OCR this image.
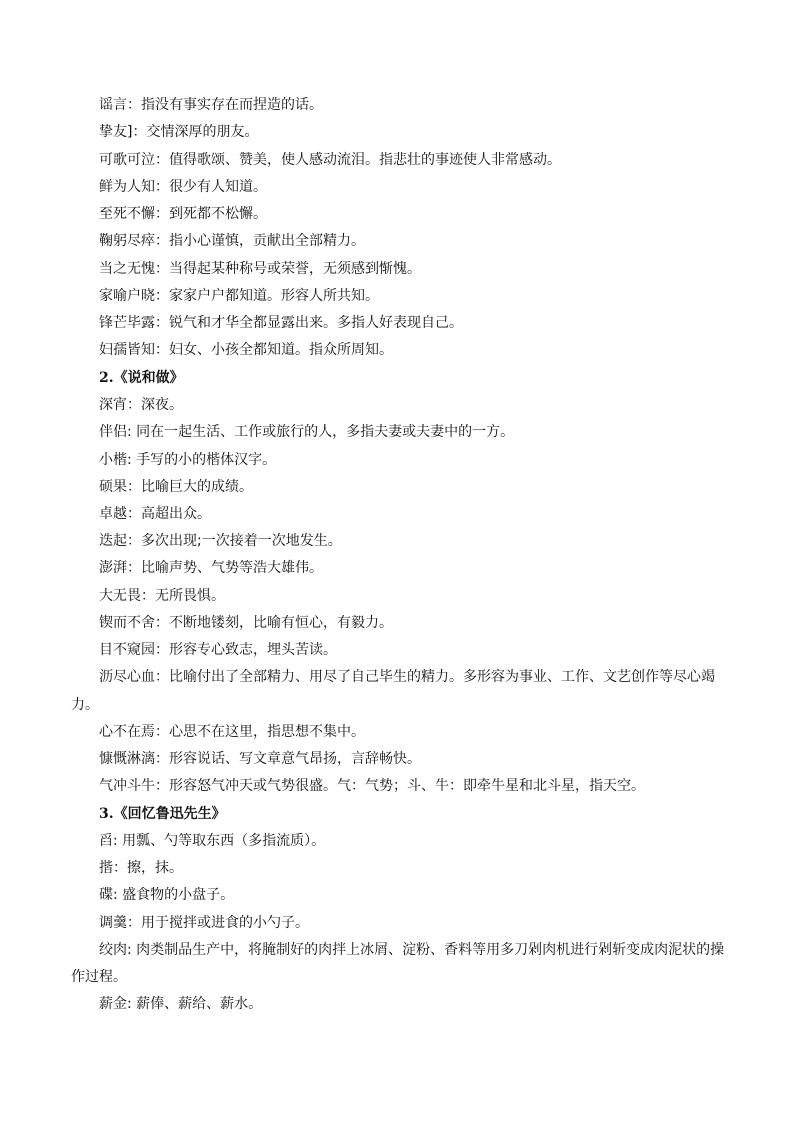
谣言：指没有事实存在而捏造的话。
挚友]：交情深厚的朋友。
可歌可泣：值得歌颂、赞美，使人感动流泪。指悲壮的事迹使人非常感动。
鲜为人知：很少有人知道。
至死不懈：到死都不松懈。
鞠躬尽瘁：指小心谨慎，贡献出全部精力。
当之无愧：当得起某种称号或荣誉，无须感到惭愧。
家喻户晓：家家户户都知道。形容人所共知。
锋芒毕露：锐气和才华全都显露出来。多指人好表现自己。
妇孺皆知：妇女、小孩全都知道。指众所周知。
2.《说和做》
深宵：深夜。
伴侣: 同在一起生活、工作或旅行的人，多指夫妻或夫妻中的一方。
小楷: 手写的小的楷体汉字。
硕果：比喻巨大的成绩。
卓越：高超出众。
迭起：多次出现;一次接着一次地发生。
澎湃：比喻声势、气势等浩大雄伟。
大无畏：无所畏惧。
锲而不舍：不断地镂刻，比喻有恒心，有毅力。
目不窥园：形容专心致志，埋头苦读。
沥尽心血：比喻付出了全部精力、用尽了自己毕生的精力。多形容为事业、工作、文艺创作等尽心竭
力。
心不在焉：心思不在这里，指思想不集中。
慷慨淋漓：形容说话、写文章意气昂扬，言辞畅快。
气冲斗牛：形容怒气冲天或气势很盛。气：气势；斗、牛：即牵牛星和北斗星，指天空。
3.《回忆鲁迅先生》
舀: 用瓢、勺等取东西（多指流质）。
揩：擦，抹。
碟: 盛食物的小盘子。
调羹：用于搅拌或进食的小勺子。
绞肉: 肉类制品生产中，将腌制好的肉拌上冰屑、淀粉、香料等用多刀剁肉机进行剁斩变成肉泥状的操
作过程。
薪金: 薪俸、薪给、薪水。
